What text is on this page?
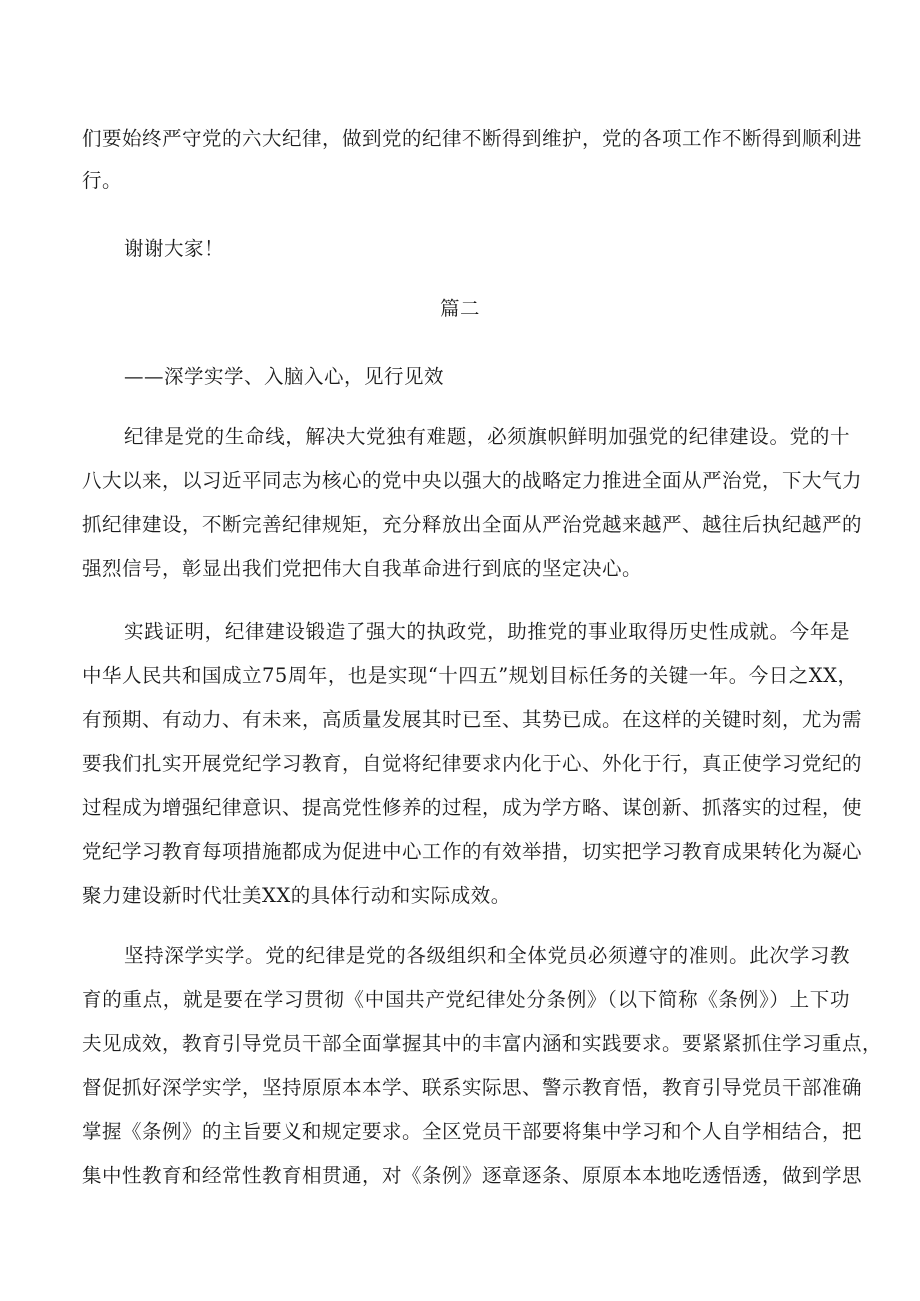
们要始终严守党的六大纪律，做到党的纪律不断得到维护，党的各项工作不断得到顺利进
行。
谢谢大家！
篇二
——深学实学、入脑入心，见行见效
纪律是党的生命线，解决大党独有难题，必须旗帜鲜明加强党的纪律建设。党的十
八大以来，以习近平同志为核心的党中央以强大的战略定力推进全面从严治党，下大气力
抓纪律建设，不断完善纪律规矩，充分释放出全面从严治党越来越严、越往后执纪越严的
强烈信号，彰显出我们党把伟大自我革命进行到底的坚定决心。
实践证明，纪律建设锻造了强大的执政党，助推党的事业取得历史性成就。今年是
中华人民共和国成立75周年，也是实现“十四五”规划目标任务的关键一年。今日之XX，
有预期、有动力、有未来，高质量发展其时已至、其势已成。在这样的关键时刻，尤为需
要我们扎实开展党纪学习教育，自觉将纪律要求内化于心、外化于行，真正使学习党纪的
过程成为增强纪律意识、提高党性修养的过程，成为学方略、谋创新、抓落实的过程，使
党纪学习教育每项措施都成为促进中心工作的有效举措，切实把学习教育成果转化为凝心
聚力建设新时代壮美XX的具体行动和实际成效。
坚持深学实学。党的纪律是党的各级组织和全体党员必须遵守的准则。此次学习教
育的重点，就是要在学习贯彻《中国共产党纪律处分条例》（以下简称《条例》）上下功
夫见成效，教育引导党员干部全面掌握其中的丰富内涵和实践要求。要紧紧抓住学习重点，
督促抓好深学实学，坚持原原本本学、联系实际思、警示教育悟，教育引导党员干部准确
掌握《条例》的主旨要义和规定要求。全区党员干部要将集中学习和个人自学相结合，把
集中性教育和经常性教育相贯通，对《条例》逐章逐条、原原本本地吃透悟透，做到学思
